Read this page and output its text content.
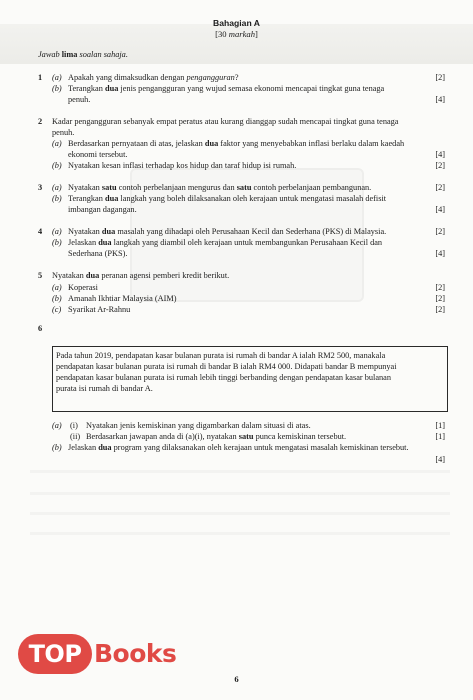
Bahagian A
[30 markah]
Jawab lima soalan sahaja.
1 (a) Apakah yang dimaksudkan dengan pengangguran?	[2]
(b) Terangkan dua jenis pengangguran yang wujud semasa ekonomi mencapai tingkat guna tenaga
penuh.	[4]
2 Kadar pengangguran sebanyak empat peratus atau kurang dianggap sudah mencapai tingkat guna tenaga
penuh.
(a) Berdasarkan pernyataan di atas, jelaskan dua faktor yang menyebabkan inflasi berlaku dalam kaedah
ekonomi tersebut.	[4]
(b) Nyatakan kesan inflasi terhadap kos hidup dan taraf hidup isi rumah.	[2]
3 (a) Nyatakan satu contoh perbelanjaan mengurus dan satu contoh perbelanjaan pembangunan.	[2]
(b) Terangkan dua langkah yang boleh dilaksanakan oleh kerajaan untuk mengatasi masalah defisit
imbangan dagangan.	[4]
4 (a) Nyatakan dua masalah yang dihadapi oleh Perusahaan Kecil dan Sederhana (PKS) di Malaysia.	[2]
(b) Jelaskan dua langkah yang diambil oleh kerajaan untuk membangunkan Perusahaan Kecil dan
Sederhana (PKS).	[4]
5 Nyatakan dua peranan agensi pemberi kredit berikut.
(a) Koperasi	[2]
(b) Amanah Ikhtiar Malaysia (AIM)	[2]
(c) Syarikat Ar-Rahnu	[2]
6
Pada tahun 2019, pendapatan kasar bulanan purata isi rumah di bandar A ialah RM2 500, manakala
pendapatan kasar bulanan purata isi rumah di bandar B ialah RM4 000. Didapati bandar B mempunyai
pendapatan kasar bulanan purata isi rumah lebih tinggi berbanding dengan pendapatan kasar bulanan
purata isi rumah di bandar A.
(a) (i) Nyatakan jenis kemiskinan yang digambarkan dalam situasi di atas.	[1]
(ii) Berdasarkan jawapan anda di (a)(i), nyatakan satu punca kemiskinan tersebut.	[1]
(b) Jelaskan dua program yang dilaksanakan oleh kerajaan untuk mengatasi masalah kemiskinan tersebut.
[4]
TOP Books
6
